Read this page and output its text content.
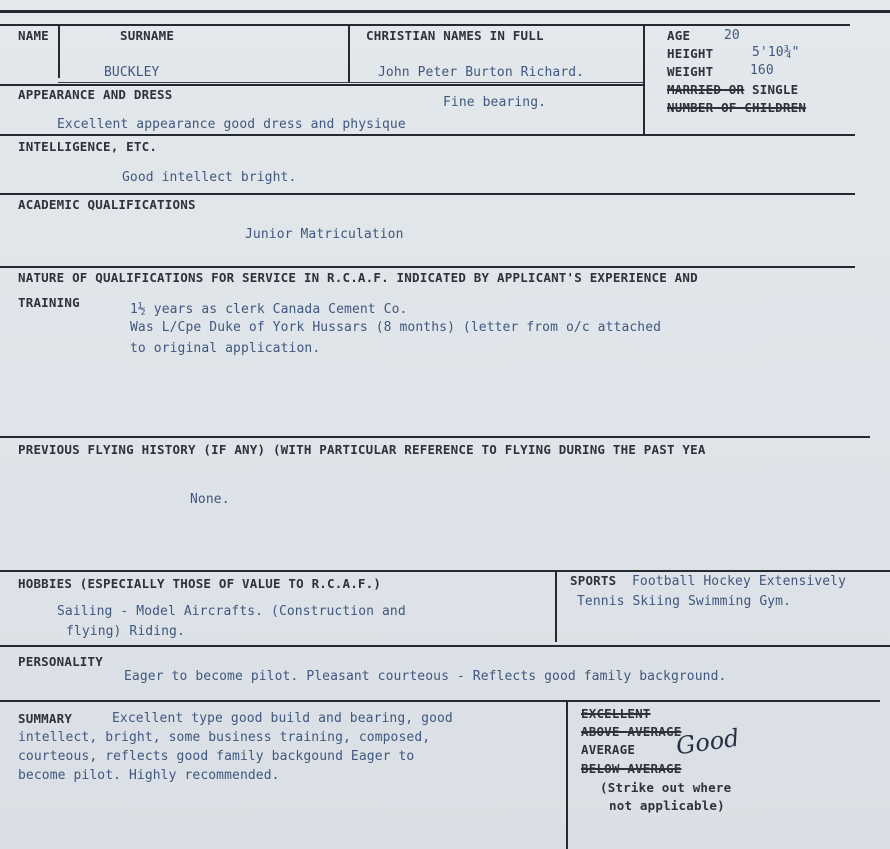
NAME	SURNAME
BUCKLEY
CHRISTIAN NAMES IN FULL
John Peter Burton Richard.
AGE	20
HEIGHT	5'10¾"
WEIGHT	160
MARRIED OR SINGLE
NUMBER OF CHILDREN
APPEARANCE AND DRESS
Fine bearing.
Excellent appearance good dress and physique
INTELLIGENCE, ETC.
Good intellect bright.
ACADEMIC QUALIFICATIONS
Junior Matriculation
NATURE OF QUALIFICATIONS FOR SERVICE IN R.C.A.F. INDICATED BY APPLICANT'S EXPERIENCE AND
TRAINING	1½ years as clerk Canada Cement Co.
Was L/Cpe Duke of York Hussars (8 months) (letter from o/c attached
to original application.
PREVIOUS FLYING HISTORY (IF ANY) (WITH PARTICULAR REFERENCE TO FLYING DURING THE PAST YEA
None.
HOBBIES (ESPECIALLY THOSE OF VALUE TO R.C.A.F.)
Sailing - Model Aircrafts. (Construction and
flying) Riding.
SPORTS Football Hockey Extensively
Tennis Skiing Swimming Gym.
PERSONALITY
Eager to become pilot. Pleasant courteous - Reflects good family background.
SUMMARY	Excellent type good build and bearing, good
intellect, bright, some business training, composed,
courteous, reflects good family backgound Eager to
become pilot. Highly recommended.
EXCELLENT
ABOVE AVERAGE
AVERAGE Good
BELOW AVERAGE
(Strike out where
not applicable)
